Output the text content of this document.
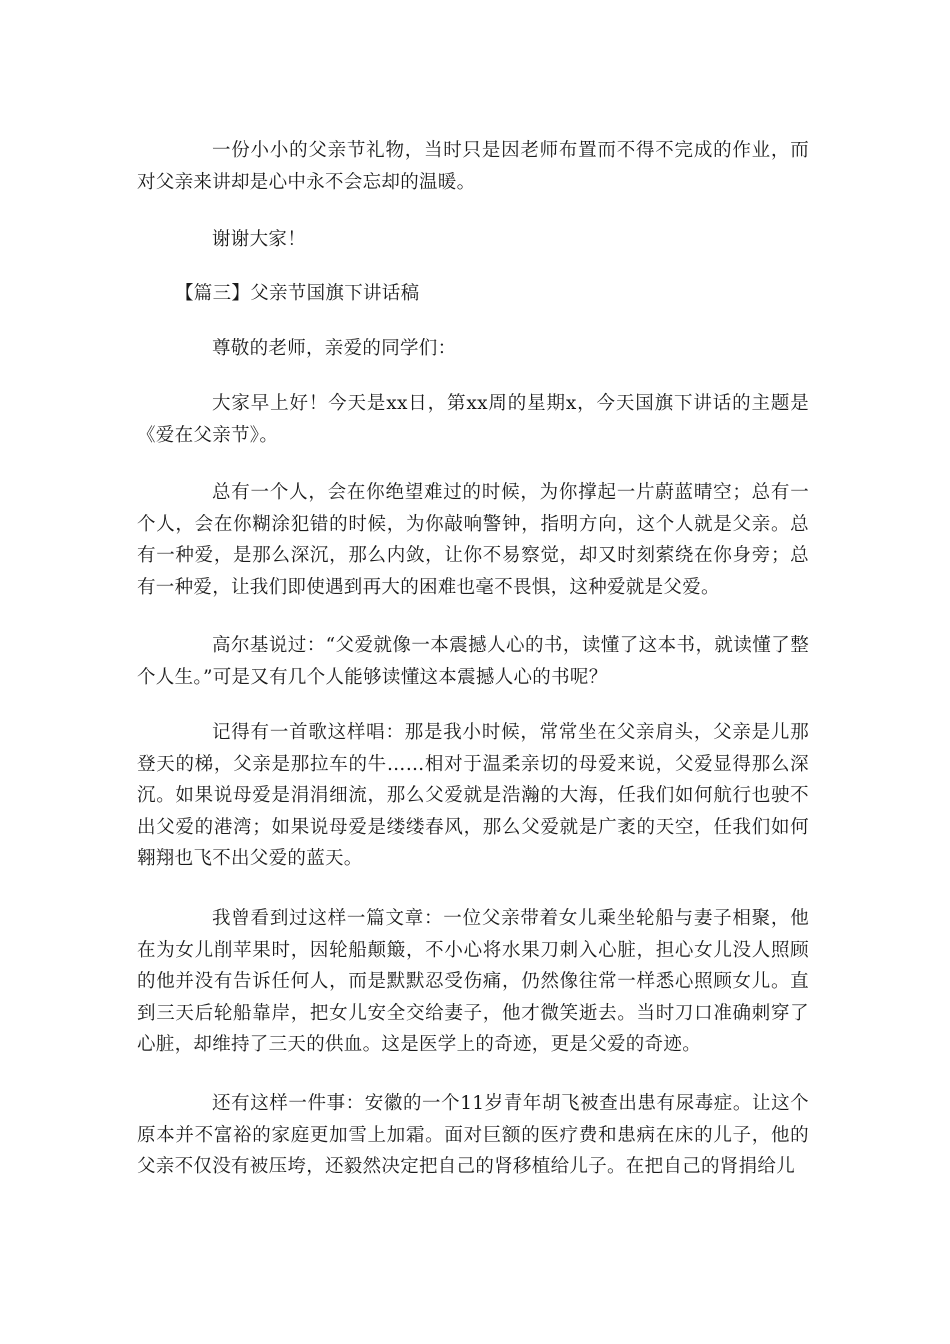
一份小小的父亲节礼物，当时只是因老师布置而不得不完成的作业，而对父亲来讲却是心中永不会忘却的温暖。

谢谢大家！

【篇三】父亲节国旗下讲话稿

尊敬的老师，亲爱的同学们：

大家早上好！今天是xx日，第xx周的星期x，今天国旗下讲话的主题是《爱在父亲节》。

总有一个人，会在你绝望难过的时候，为你撑起一片蔚蓝晴空；总有一个人，会在你糊涂犯错的时候，为你敲响警钟，指明方向，这个人就是父亲。总有一种爱，是那么深沉，那么内敛，让你不易察觉，却又时刻萦绕在你身旁；总有一种爱，让我们即使遇到再大的困难也毫不畏惧，这种爱就是父爱。

高尔基说过：“父爱就像一本震撼人心的书，读懂了这本书，就读懂了整个人生。”可是又有几个人能够读懂这本震撼人心的书呢？

记得有一首歌这样唱：那是我小时候，常常坐在父亲肩头，父亲是儿那登天的梯，父亲是那拉车的牛……相对于温柔亲切的母爱来说，父爱显得那么深沉。如果说母爱是涓涓细流，那么父爱就是浩瀚的大海，任我们如何航行也驶不出父爱的港湾；如果说母爱是缕缕春风，那么父爱就是广袤的天空，任我们如何翱翔也飞不出父爱的蓝天。

我曾看到过这样一篇文章：一位父亲带着女儿乘坐轮船与妻子相聚，他在为女儿削苹果时，因轮船颠簸，不小心将水果刀刺入心脏，担心女儿没人照顾的他并没有告诉任何人，而是默默忍受伤痛，仍然像往常一样悉心照顾女儿。直到三天后轮船靠岸，把女儿安全交给妻子，他才微笑逝去。当时刀口准确刺穿了心脏，却维持了三天的供血。这是医学上的奇迹，更是父爱的奇迹。

还有这样一件事：安徽的一个11岁青年胡飞被查出患有尿毒症。让这个原本并不富裕的家庭更加雪上加霜。面对巨额的医疗费和患病在床的儿子，他的父亲不仅没有被压垮，还毅然决定把自己的肾移植给儿子。在把自己的肾捐给儿
